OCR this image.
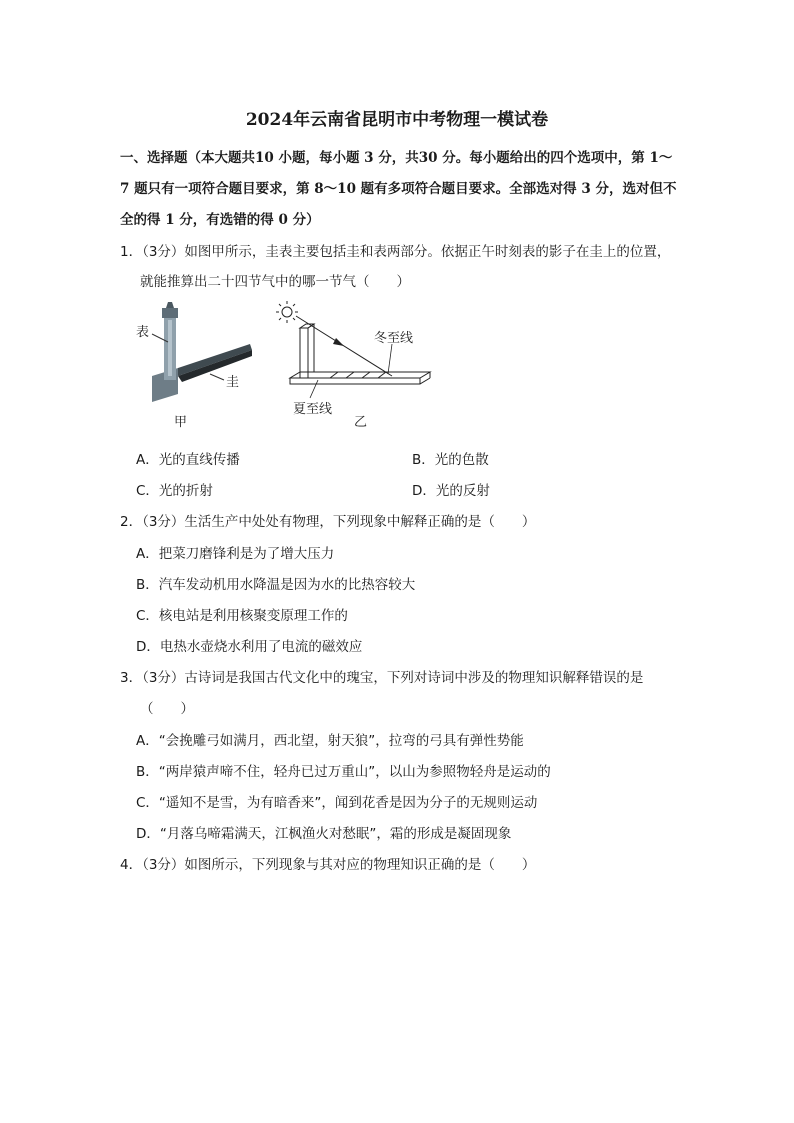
2024年云南省昆明市中考物理一模试卷
一、选择题（本大题共10 小题，每小题 3 分，共30 分。每小题给出的四个选项中，第 1～
7 题只有一项符合题目要求，第 8～10 题有多项符合题目要求。全部选对得 3 分，选对但不
全的得 1 分，有选错的得 0 分）
1．（3分）如图甲所示，圭表主要包括圭和表两部分。依据正午时刻表的影子在圭上的位置，
就能推算出二十四节气中的哪一节气（　　）
表
圭
甲
冬至线
夏至线
乙
A．光的直线传播	B．光的色散
C．光的折射	D．光的反射
2．（3分）生活生产中处处有物理，下列现象中解释正确的是（　　）
A．把菜刀磨锋利是为了增大压力
B．汽车发动机用水降温是因为水的比热容较大
C．核电站是利用核聚变原理工作的
D．电热水壶烧水利用了电流的磁效应
3．（3分）古诗词是我国古代文化中的瑰宝，下列对诗词中涉及的物理知识解释错误的是
（　　）
A．“会挽雕弓如满月，西北望，射天狼”，拉弯的弓具有弹性势能
B．“两岸猿声啼不住，轻舟已过万重山”，以山为参照物轻舟是运动的
C．“遥知不是雪，为有暗香来”，闻到花香是因为分子的无规则运动
D．“月落乌啼霜满天，江枫渔火对愁眠”，霜的形成是凝固现象
4．（3分）如图所示，下列现象与其对应的物理知识正确的是（　　）
